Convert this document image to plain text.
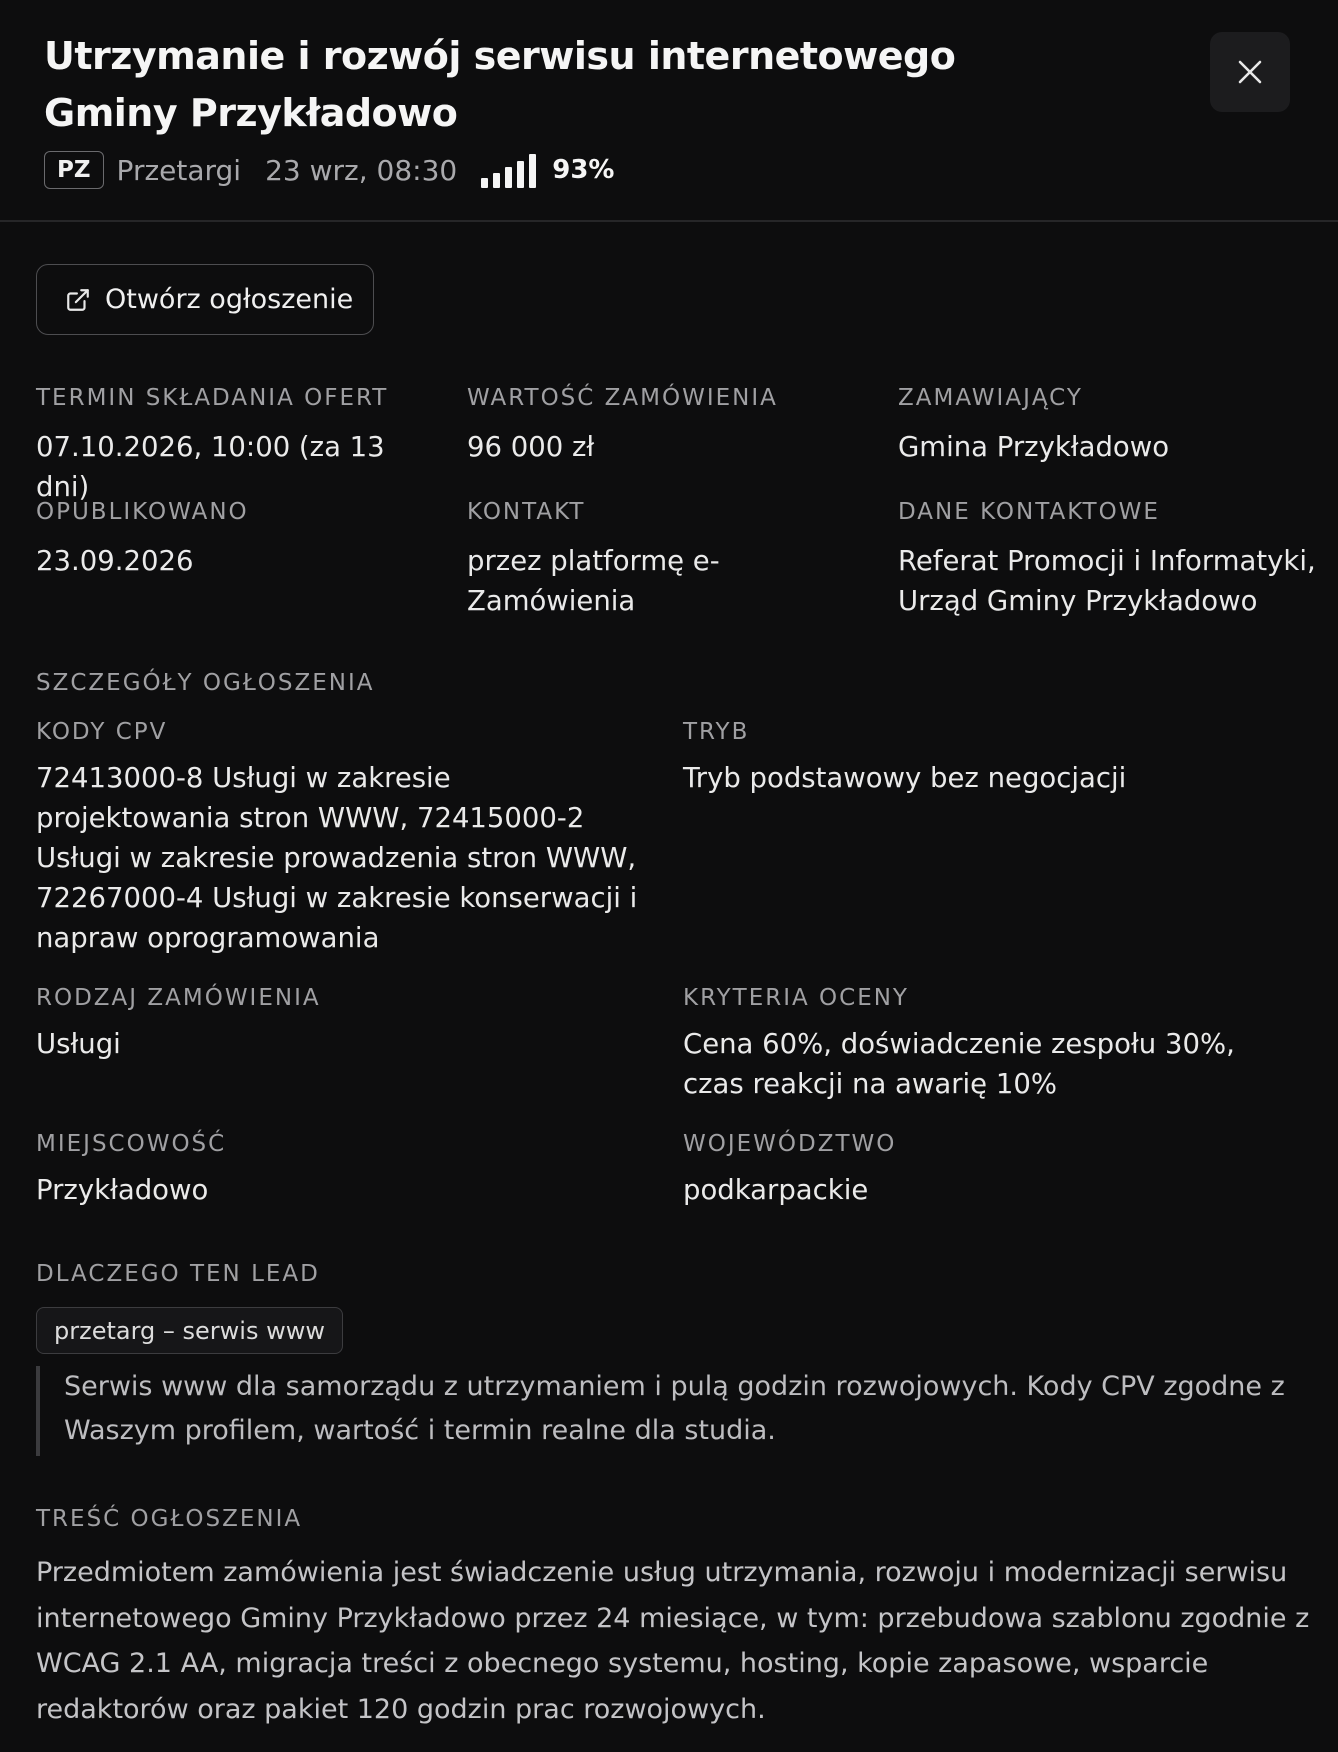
Utrzymanie i rozwój serwisu internetowego Gminy Przykładowo
PZ Przetargi 23 wrz, 08:30	93%
Otwórz ogłoszenie
TERMIN SKŁADANIA OFERT
07.10.2026, 10:00 (za 13 dni)
WARTOŚĆ ZAMÓWIENIA
96 000 zł
ZAMAWIAJĄCY
Gmina Przykładowo
OPUBLIKOWANO
23.09.2026
KONTAKT
przez platformę e-Zamówienia
DANE KONTAKTOWE
Referat Promocji i Informatyki, Urząd Gminy Przykładowo
SZCZEGÓŁY OGŁOSZENIA
KODY CPV
72413000-8 Usługi w zakresie projektowania stron WWW, 72415000-2 Usługi w zakresie prowadzenia stron WWW, 72267000-4 Usługi w zakresie konserwacji i napraw oprogramowania
TRYB
Tryb podstawowy bez negocjacji
RODZAJ ZAMÓWIENIA
Usługi
KRYTERIA OCENY
Cena 60%, doświadczenie zespołu 30%, czas reakcji na awarię 10%
MIEJSCOWOŚĆ
Przykładowo
WOJEWÓDZTWO
podkarpackie
DLACZEGO TEN LEAD
przetarg – serwis www

Serwis www dla samorządu z utrzymaniem i pulą godzin rozwojowych. Kody CPV zgodne z Waszym profilem, wartość i termin realne dla studia.

TREŚĆ OGŁOSZENIA

Przedmiotem zamówienia jest świadczenie usług utrzymania, rozwoju i modernizacji serwisu internetowego Gminy Przykładowo przez 24 miesiące, w tym: przebudowa szablonu zgodnie z WCAG 2.1 AA, migracja treści z obecnego systemu, hosting, kopie zapasowe, wsparcie redaktorów oraz pakiet 120 godzin prac rozwojowych.
